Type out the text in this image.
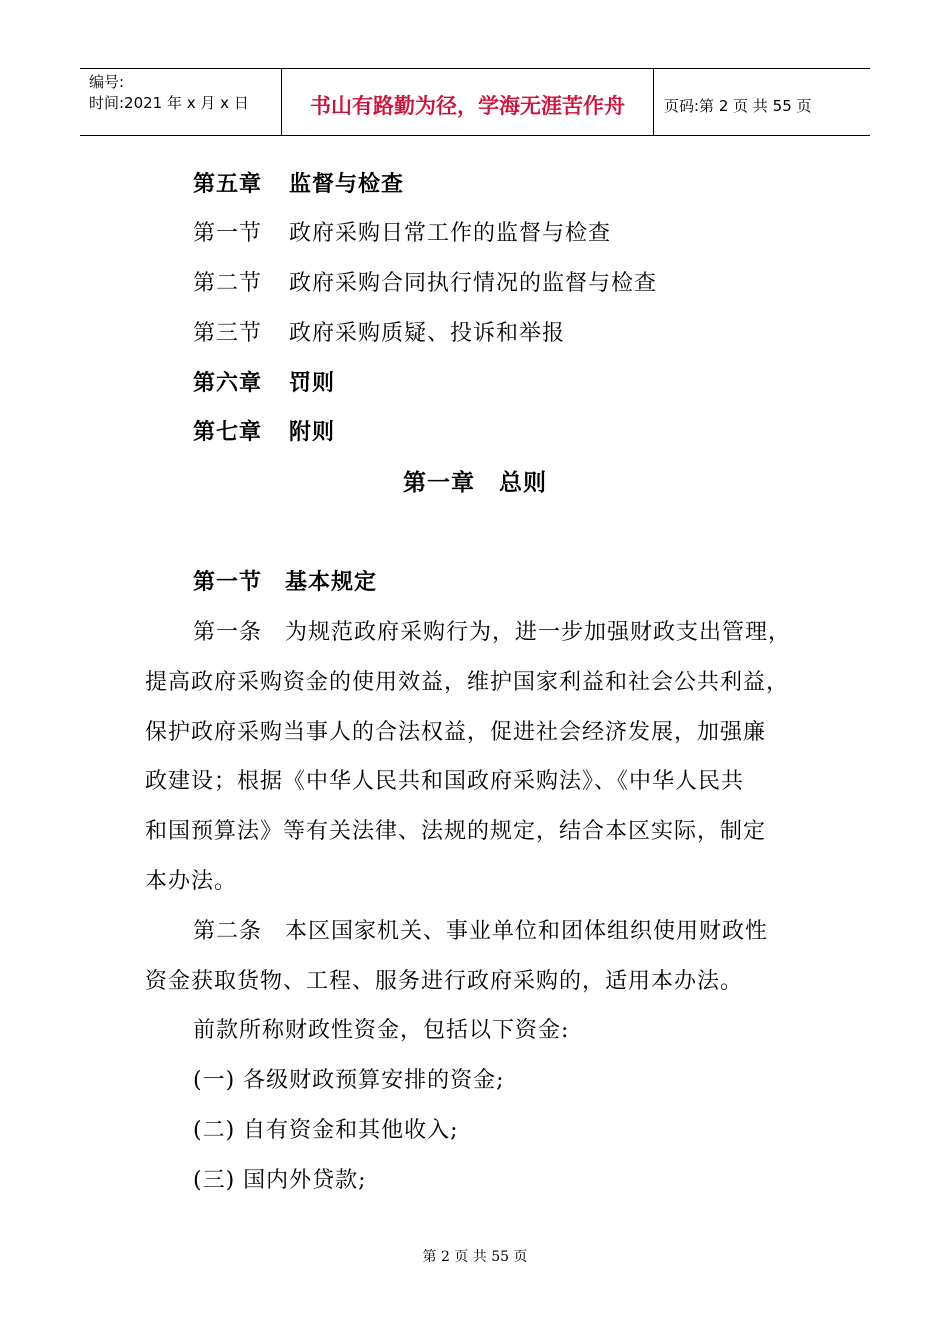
编号:
时间:2021 年 x 月 x 日	书山有路勤为径，学海无涯苦作舟	页码:第 2 页 共 55 页
第五章 监督与检查
第一节 政府采购日常工作的监督与检查
第二节 政府采购合同执行情况的监督与检查
第三节 政府采购质疑、投诉和举报
第六章 罚则
第七章 附则
第一章　总则
第一节　基本规定
第一条　为规范政府采购行为，进一步加强财政支出管理，
提高政府采购资金的使用效益，维护国家利益和社会公共利益，
保护政府采购当事人的合法权益，促进社会经济发展，加强廉
政建设；根据《中华人民共和国政府采购法》、《中华人民共
和国预算法》等有关法律、法规的规定，结合本区实际，制定
本办法。
第二条　本区国家机关、事业单位和团体组织使用财政性
资金获取货物、工程、服务进行政府采购的，适用本办法。
前款所称财政性资金，包括以下资金:
(一) 各级财政预算安排的资金;
(二) 自有资金和其他收入;
(三) 国内外贷款;
第 2 页 共 55 页
